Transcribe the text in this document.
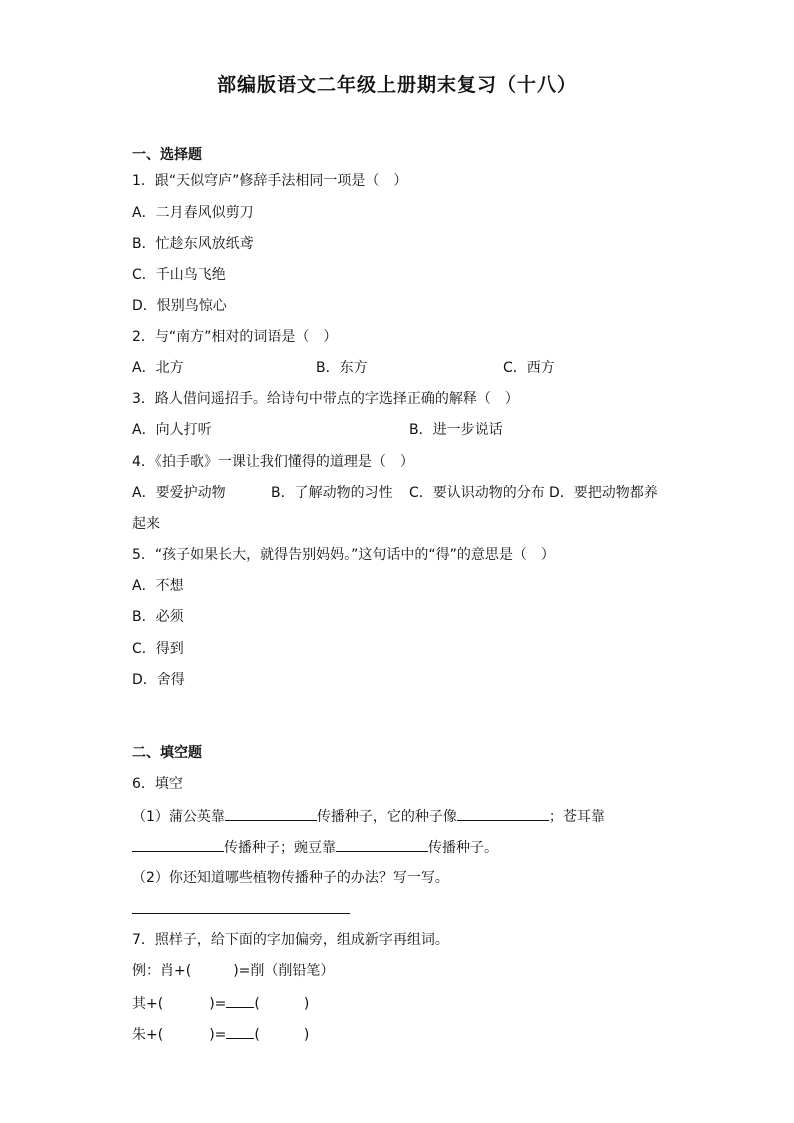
部编版语文二年级上册期末复习（十八）
一、选择题
1．跟“天似穹庐”修辞手法相同一项是（　）
A．二月春风似剪刀
B．忙趁东风放纸鸢
C．千山鸟飞绝
D．恨别鸟惊心
2．与“南方”相对的词语是（　）
A．北方	B．东方	C．西方
3．路人借问遥招手。给诗句中带点的字选择正确的解释（　）
A．向人打听	B．进一步说话
4．《拍手歌》一课让我们懂得的道理是（　）
A．要爱护动物	B．了解动物的习性 C．要认识动物的分布 D．要把动物都养
起来
5．“孩子如果长大，就得告别妈妈。”这句话中的“得”的意思是（　）
A．不想
B．必须
C．得到
D．舍得
二、填空题
6．填空
（1）蒲公英靠	传播种子，它的种子像	；苍耳靠
传播种子；豌豆靠	传播种子。
（2）你还知道哪些植物传播种子的办法？写一写。
7．照样子，给下面的字加偏旁，组成新字再组词。
例：肖+(　　　)=削（削铅笔）
其+(	)= (	)
朱+(	)= (	)
